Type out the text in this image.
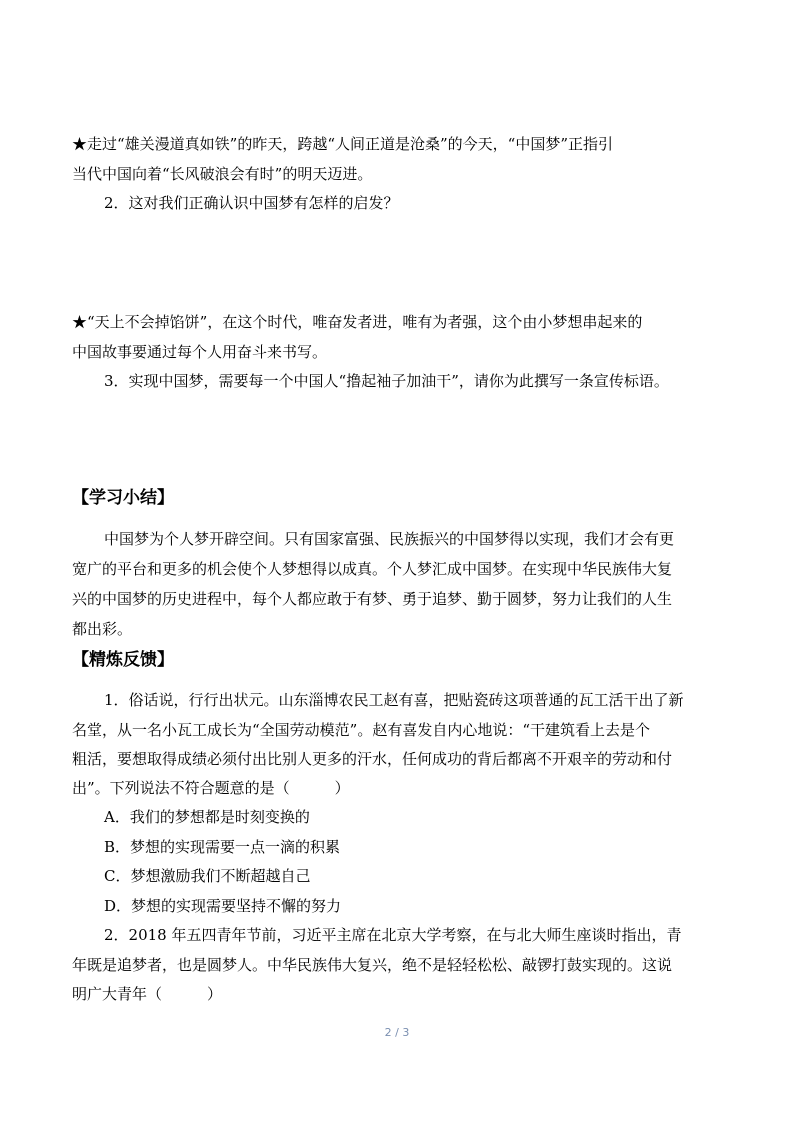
★走过“雄关漫道真如铁”的昨天，跨越“人间正道是沧桑”的今天，“中国梦”正指引
当代中国向着“长风破浪会有时”的明天迈进。
2．这对我们正确认识中国梦有怎样的启发？
★“天上不会掉馅饼”，在这个时代，唯奋发者进，唯有为者强，这个由小梦想串起来的
中国故事要通过每个人用奋斗来书写。
3．实现中国梦，需要每一个中国人“撸起袖子加油干”，请你为此撰写一条宣传标语。
【学习小结】
中国梦为个人梦开辟空间。只有国家富强、民族振兴的中国梦得以实现，我们才会有更
宽广的平台和更多的机会使个人梦想得以成真。个人梦汇成中国梦。在实现中华民族伟大复
兴的中国梦的历史进程中，每个人都应敢于有梦、勇于追梦、勤于圆梦，努力让我们的人生
都出彩。
【精炼反馈】
1．俗话说，行行出状元。山东淄博农民工赵有喜，把贴瓷砖这项普通的瓦工活干出了新
名堂，从一名小瓦工成长为“全国劳动模范”。赵有喜发自内心地说：“干建筑看上去是个
粗活，要想取得成绩必须付出比别人更多的汗水，任何成功的背后都离不开艰辛的劳动和付
出”。下列说法不符合题意的是（　　　）
A．我们的梦想都是时刻变换的
B．梦想的实现需要一点一滴的积累
C．梦想激励我们不断超越自己
D．梦想的实现需要坚持不懈的努力
2．2018 年五四青年节前，习近平主席在北京大学考察，在与北大师生座谈时指出，青
年既是追梦者，也是圆梦人。中华民族伟大复兴，绝不是轻轻松松、敲锣打鼓实现的。这说
明广大青年（　　　）
2 / 3
